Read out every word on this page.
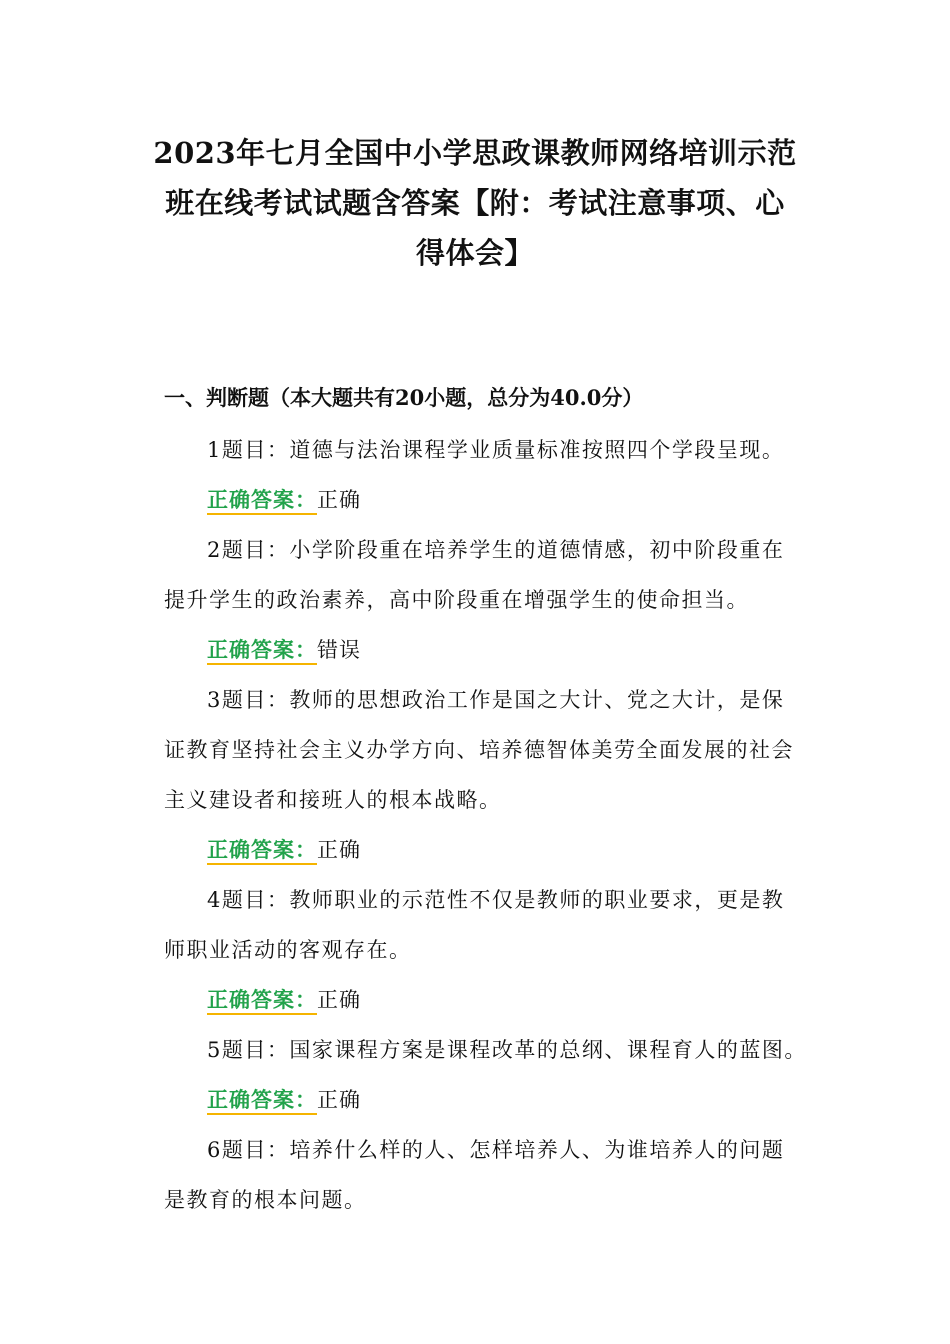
2023年七月全国中小学思政课教师网络培训示范
班在线考试试题含答案【附：考试注意事项、心
得体会】
一、判断题（本大题共有20小题，总分为40.0分）
1题目：道德与法治课程学业质量标准按照四个学段呈现。
正确答案：正确
2题目：小学阶段重在培养学生的道德情感，初中阶段重在
提升学生的政治素养，高中阶段重在增强学生的使命担当。
正确答案：错误
3题目：教师的思想政治工作是国之大计、党之大计，是保
证教育坚持社会主义办学方向、培养德智体美劳全面发展的社会
主义建设者和接班人的根本战略。
正确答案：正确
4题目：教师职业的示范性不仅是教师的职业要求，更是教
师职业活动的客观存在。
正确答案：正确
5题目：国家课程方案是课程改革的总纲、课程育人的蓝图。
正确答案：正确
6题目：培养什么样的人、怎样培养人、为谁培养人的问题
是教育的根本问题。
